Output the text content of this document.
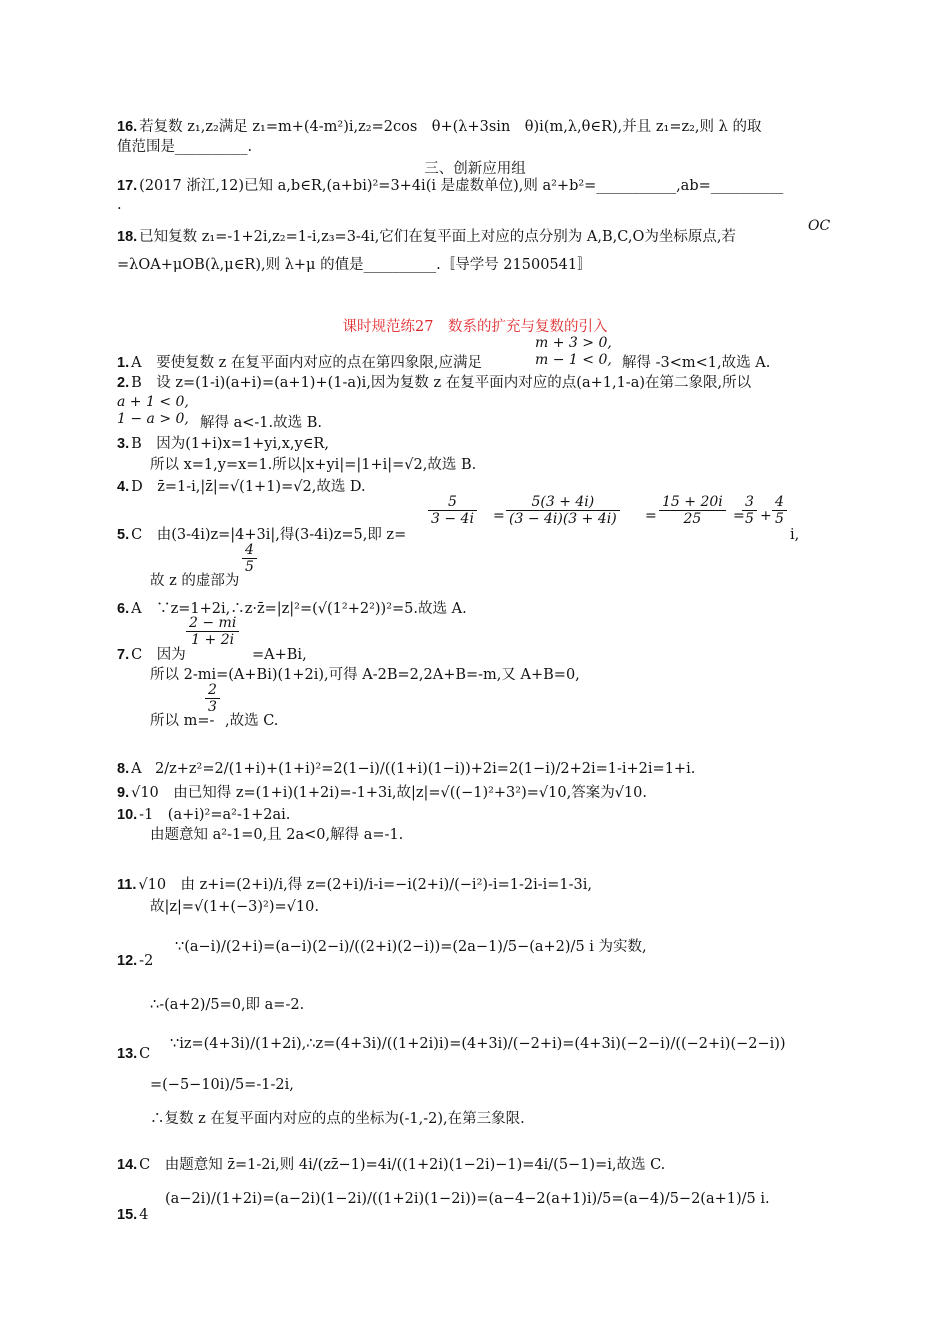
16. 若复数 z₁,z₂满足 z₁=m+(4-m²)i,z₂=2cos　θ+(λ+3sin　θ)i(m,λ,θ∈R),并且 z₁=z₂,则 λ 的取
值范围是__________.
三、创新应用组
17. (2017 浙江,12)已知 a,b∈R,(a+bi)²=3+4i(i 是虚数单位),则 a²+b²=___________,ab=__________
.
18. 已知复数 z₁=-1+2i,z₂=1-i,z₃=3-4i,它们在复平面上对应的点分别为 A,B,C,O为坐标原点,若
OC
=λOA+μOB(λ,μ∈R),则 λ+μ 的值是__________.〚导学号 21500541〛
课时规范练27　数系的扩充与复数的引入
1. A　要使复数 z 在复平面内对应的点在第四象限,应满足
m + 3 > 0,
m − 1 < 0, 解得 -3<m<1,故选 A.
2. B　设 z=(1-i)(a+i)=(a+1)+(1-a)i,因为复数 z 在复平面内对应的点(a+1,1-a)在第二象限,所以
a + 1 < 0,
1 − a > 0, 解得 a<-1.故选 B.
3. B　因为(1+i)x=1+yi,x,y∈R,
所以 x=1,y=x=1.所以|x+yi|=|1+i|=√2,故选 B.
4. D　z̄=1-i,|z̄|=√(1+1)=√2,故选 D.
5. C　由(3-4i)z=|4+3i|,得(3-4i)z=5,即 z=
$\frac{5}{3 - 4i} = \frac{5(3 + 4i)}{(3 - 4i)(3 + 4i)} = \frac{15 + 20i}{25}$ =
$\frac{3}{5} + \frac{4}{5}$
i,
故 z 的虚部为
$\frac{4}{5}$
6. A　∵z=1+2i,∴z·z̄=|z|²=(√(1²+2²))²=5.故选 A.
7. C　因为
$\frac{2 - mi}{1 + 2i}$
=A+Bi,
所以 2-mi=(A+Bi)(1+2i),可得 A-2B=2,2A+B=-m,又 A+B=0,
所以 m=-
$\frac{2}{3}$
,故选 C.
8. A 2/z+z²=2/(1+i)+(1+i)²=2(1−i)/((1+i)(1−i))+2i=2(1−i)/2+2i=1-i+2i=1+i.
9. √10　由已知得 z=(1+i)(1+2i)=-1+3i,故|z|=√((−1)²+3²)=√10,答案为√10.
10. -1　(a+i)²=a²-1+2ai.
由题意知 a²-1=0,且 2a<0,解得 a=-1.
11. √10　由 z+i=(2+i)/i,得 z=(2+i)/i-i=−i(2+i)/(−i²)-i=1-2i-i=1-3i,
故|z|=√(1+(−3)²)=√10.
12. -2
∵(a−i)/(2+i)=(a−i)(2−i)/((2+i)(2−i))=(2a−1)/5−(a+2)/5 i 为实数,
∴-(a+2)/5=0,即 a=-2.
13. C
∵iz=(4+3i)/(1+2i),∴z=(4+3i)/((1+2i)i)=(4+3i)/(−2+i)=(4+3i)(−2−i)/((−2+i)(−2−i))
=(−5−10i)/5=-1-2i,
∴复数 z 在复平面内对应的点的坐标为(-1,-2),在第三象限.
14. C　由题意知 z̄=1-2i,则 4i/(zz̄−1)=4i/((1+2i)(1−2i)−1)=4i/(5−1)=i,故选 C.
15. 4
(a−2i)/(1+2i)=(a−2i)(1−2i)/((1+2i)(1−2i))=(a−4−2(a+1)i)/5=(a−4)/5−2(a+1)/5 i.
